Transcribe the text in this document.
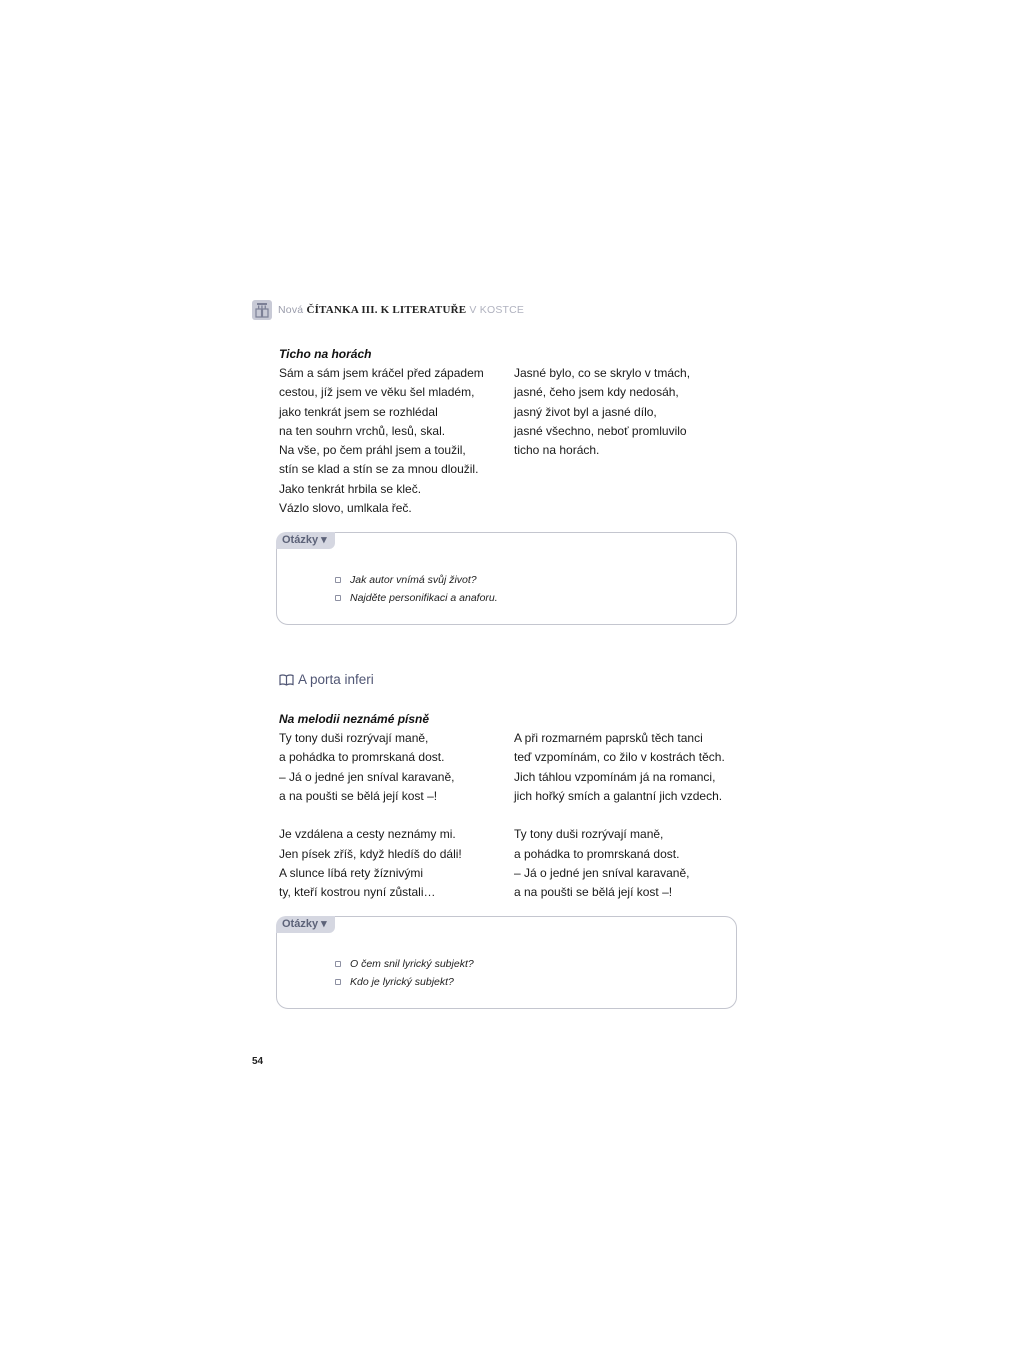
Nová ČÍTANKA III. K LITERATUŘE V KOSTCE
Ticho na horách
Sám a sám jsem kráčel před západem
cestou, jíž jsem ve věku šel mladém,
jako tenkrát jsem se rozhlédal
na ten souhrn vrchů, lesů, skal.
Na vše, po čem práhl jsem a toužil,
stín se klad a stín se za mnou dloužil.
Jako tenkrát hrbila se kleč.
Vázlo slovo, umlkala řeč.
Jasné bylo, co se skrylo v tmách,
jasné, čeho jsem kdy nedosáh,
jasný život byl a jasné dílo,
jasné všechno, neboť promluvilo
ticho na horách.
Otázky ▾
Jak autor vnímá svůj život?
Najděte personifikaci a anaforu.
A porta inferi
Na melodii neznámé písně
Ty tony duši rozrývají maně,
a pohádka to promrskaná dost.
– Já o jedné jen sníval karavaně,
a na poušti se bělá její kost –!
Je vzdálena a cesty neznámy mi.
Jen písek zříš, když hledíš do dáli!
A slunce líbá rety žíznivými
ty, kteří kostrou nyní zůstali…
A při rozmarném paprsků těch tanci
teď vzpomínám, co žilo v kostrách těch.
Jich táhlou vzpomínám já na romanci,
jich hořký smích a galantní jich vzdech.
Ty tony duši rozrývají maně,
a pohádka to promrskaná dost.
– Já o jedné jen sníval karavaně,
a na poušti se bělá její kost –!
Otázky ▾
O čem snil lyrický subjekt?
Kdo je lyrický subjekt?
54
